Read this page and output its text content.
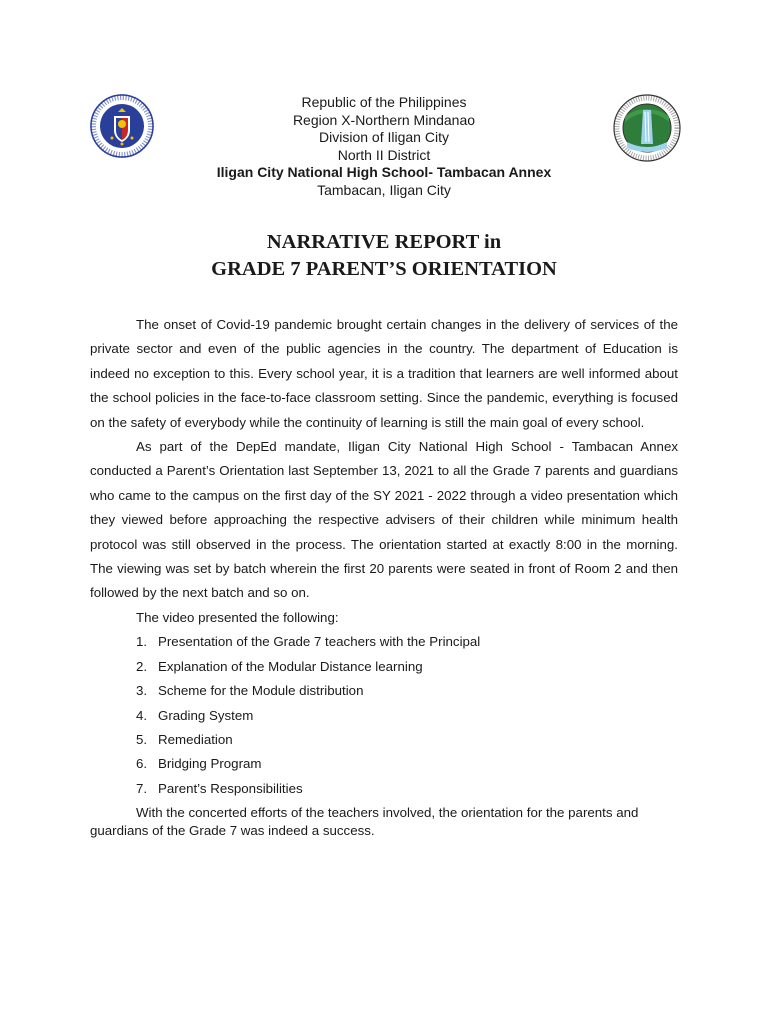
Republic of the Philippines
Region X-Northern Mindanao
Division of Iligan City
North II District
Iligan City National High School- Tambacan Annex
Tambacan, Iligan City
NARRATIVE REPORT in
GRADE 7 PARENT’S ORIENTATION

The onset of Covid-19 pandemic brought certain changes in the delivery of services of the private sector and even of the public agencies in the country. The department of Education is indeed no exception to this. Every school year, it is a tradition that learners are well informed about the school policies in the face-to-face classroom setting. Since the pandemic, everything is focused on the safety of everybody while the continuity of learning is still the main goal of every school.

As part of the DepEd mandate, Iligan City National High School - Tambacan Annex conducted a Parent’s Orientation last September 13, 2021 to all the Grade 7 parents and guardians who came to the campus on the first day of the SY 2021 - 2022 through a video presentation which they viewed before approaching the respective advisers of their children while minimum health protocol was still observed in the process. The orientation started at exactly 8:00 in the morning. The viewing was set by batch wherein the first 20 parents were seated in front of Room 2 and then followed by the next batch and so on.

The video presented the following:

1. Presentation of the Grade 7 teachers with the Principal
2. Explanation of the Modular Distance learning
3. Scheme for the Module distribution
4. Grading System
5. Remediation
6. Bridging Program
7. Parent’s Responsibilities

With the concerted efforts of the teachers involved, the orientation for the parents and guardians of the Grade 7 was indeed a success.
